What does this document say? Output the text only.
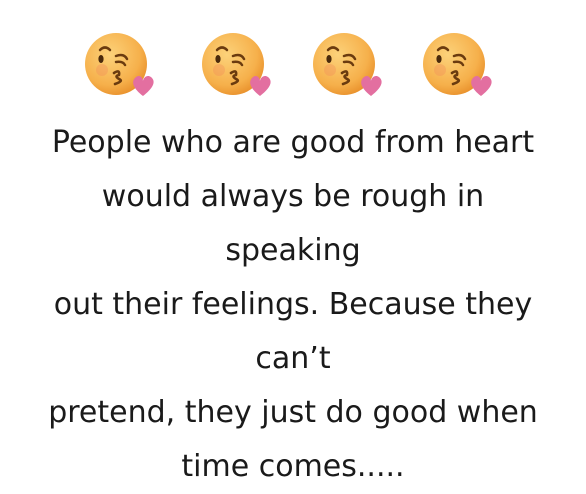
People who are good from heart
would always be rough in
speaking
out their feelings. Because they
can’t
pretend, they just do good when
time comes.....
